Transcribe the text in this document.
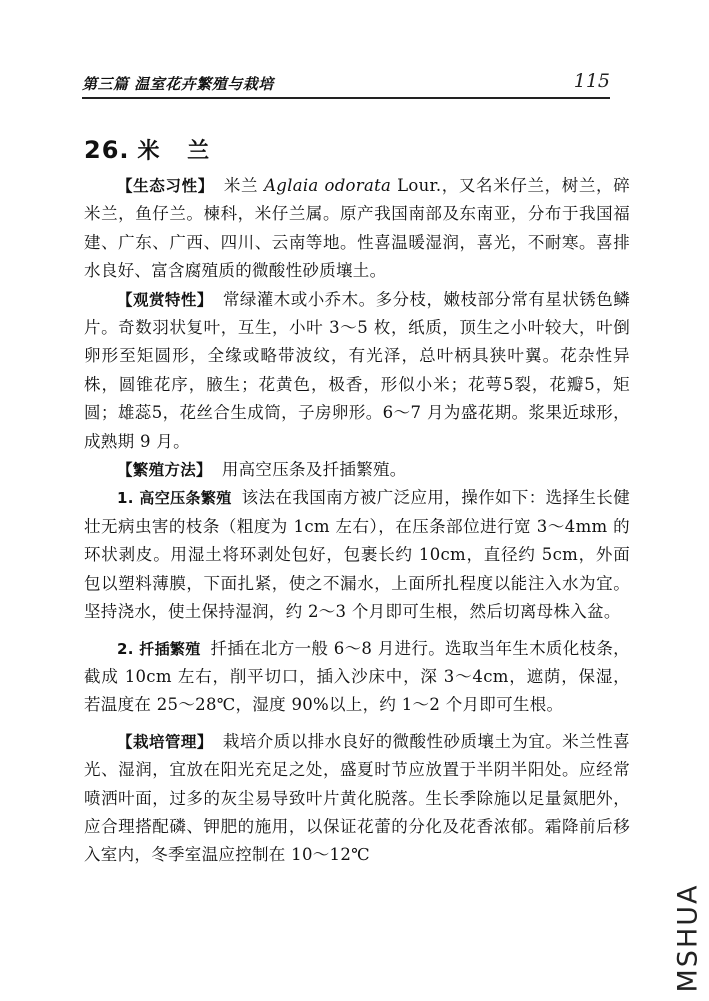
第三篇 温室花卉繁殖与栽培	115
26. 米 兰

【生态习性】 米兰 Aglaia odorata Lour.，又名米仔兰，树兰，碎米兰，鱼仔兰。楝科，米仔兰属。原产我国南部及东南亚，分布于我国福建、广东、广西、四川、云南等地。性喜温暖湿润，喜光，不耐寒。喜排水良好、富含腐殖质的微酸性砂质壤土。

【观赏特性】 常绿灌木或小乔木。多分枝，嫩枝部分常有星状锈色鳞片。奇数羽状复叶，互生，小叶 3～5 枚，纸质，顶生之小叶较大，叶倒卵形至矩圆形，全缘或略带波纹，有光泽，总叶柄具狭叶翼。花杂性异株，圆锥花序，腋生；花黄色，极香，形似小米；花萼5裂，花瓣5，矩圆；雄蕊5，花丝合生成筒，子房卵形。6～7 月为盛花期。浆果近球形，成熟期 9 月。

【繁殖方法】 用高空压条及扦插繁殖。

1. 高空压条繁殖 该法在我国南方被广泛应用，操作如下：选择生长健壮无病虫害的枝条（粗度为 1cm 左右），在压条部位进行宽 3～4mm 的环状剥皮。用湿土将环剥处包好，包裹长约 10cm，直径约 5cm，外面包以塑料薄膜，下面扎紧，使之不漏水，上面所扎程度以能注入水为宜。坚持浇水，使土保持湿润，约 2～3 个月即可生根，然后切离母株入盆。

2. 扦插繁殖 扦插在北方一般 6～8 月进行。选取当年生木质化枝条，截成 10cm 左右，削平切口，插入沙床中，深 3～4cm，遮荫，保湿，若温度在 25～28℃，湿度 90%以上，约 1～2 个月即可生根。

【栽培管理】 栽培介质以排水良好的微酸性砂质壤土为宜。米兰性喜光、湿润，宜放在阳光充足之处，盛夏时节应放置于半阴半阳处。应经常喷洒叶面，过多的灰尘易导致叶片黄化脱落。生长季除施以足量氮肥外，应合理搭配磷、钾肥的施用，以保证花蕾的分化及花香浓郁。霜降前后移入室内，冬季室温应控制在 10～12℃

MSHUA
